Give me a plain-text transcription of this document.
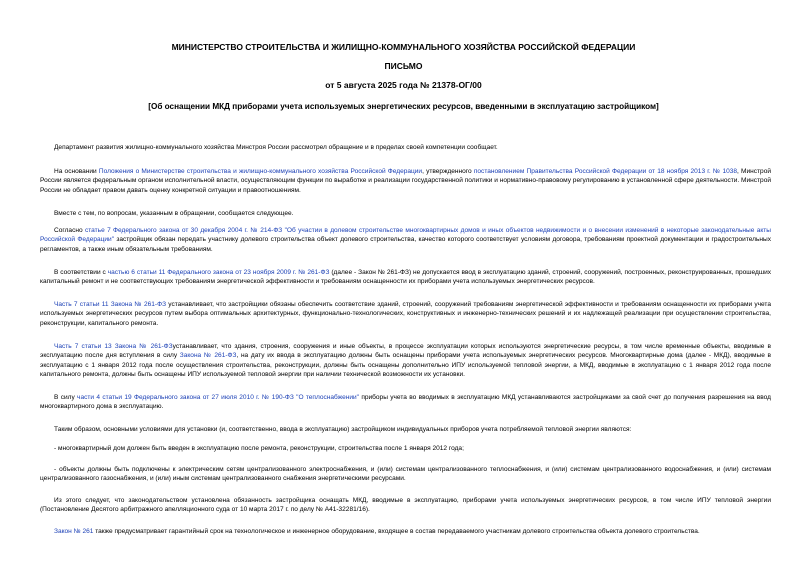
МИНИСТЕРСТВО СТРОИТЕЛЬСТВА И ЖИЛИЩНО-КОММУНАЛЬНОГО ХОЗЯЙСТВА РОССИЙСКОЙ ФЕДЕРАЦИИ
ПИСЬМО
от 5 августа 2025 года № 21378-ОГ/00
[Об оснащении МКД приборами учета используемых энергетических ресурсов, введенными в эксплуатацию застройщиком]
Департамент развития жилищно-коммунального хозяйства Минстроя России рассмотрел обращение и в пределах своей компетенции сообщает.
На основании Положения о Министерстве строительства и жилищно-коммунального хозяйства Российской Федерации, утвержденного постановлением Правительства Российской Федерации от 18 ноября 2013 г. № 1038, Минстрой России является федеральным органом исполнительной власти, осуществляющим функции по выработке и реализации государственной политики и нормативно-правовому регулированию в установленной сфере деятельности. Минстрой России не обладает правом давать оценку конкретной ситуации и правоотношениям.
Вместе с тем, по вопросам, указанным в обращении, сообщается следующее.
Согласно статье 7 Федерального закона от 30 декабря 2004 г. № 214-ФЗ "Об участии в долевом строительстве многоквартирных домов и иных объектов недвижимости и о внесении изменений в некоторые законодательные акты Российской Федерации" застройщик обязан передать участнику долевого строительства объект долевого строительства, качество которого соответствует условиям договора, требованиям проектной документации и градостроительных регламентов, а также иным обязательным требованиям.
В соответствии с частью 6 статьи 11 Федерального закона от 23 ноября 2009 г. № 261-ФЗ (далее - Закон № 261-ФЗ) не допускается ввод в эксплуатацию зданий, строений, сооружений, построенных, реконструированных, прошедших капитальный ремонт и не соответствующих требованиям энергетической эффективности и требованиям оснащенности их приборами учета используемых энергетических ресурсов.
Часть 7 статьи 11 Закона № 261-ФЗ устанавливает, что застройщики обязаны обеспечить соответствие зданий, строений, сооружений требованиям энергетической эффективности и требованиям оснащенности их приборами учета используемых энергетических ресурсов путем выбора оптимальных архитектурных, функционально-технологических, конструктивных и инженерно-технических решений и их надлежащей реализации при осуществлении строительства, реконструкции, капитального ремонта.
Часть 7 статьи 13 Закона № 261-ФЗустанавливает, что здания, строения, сооружения и иные объекты, в процессе эксплуатации которых используются энергетические ресурсы, в том числе временные объекты, вводимые в эксплуатацию после дня вступления в силу Закона № 261-ФЗ, на дату их ввода в эксплуатацию должны быть оснащены приборами учета используемых энергетических ресурсов. Многоквартирные дома (далее - МКД), вводимые в эксплуатацию с 1 января 2012 года после осуществления строительства, реконструкции, должны быть оснащены дополнительно ИПУ используемой тепловой энергии, а МКД, вводимые в эксплуатацию с 1 января 2012 года после капитального ремонта, должны быть оснащены ИПУ используемой тепловой энергии при наличии технической возможности их установки.
В силу части 4 статьи 19 Федерального закона от 27 июля 2010 г. № 190-ФЗ "О теплоснабжении" приборы учета во вводимых в эксплуатацию МКД устанавливаются застройщиками за свой счет до получения разрешения на ввод многоквартирного дома в эксплуатацию.
Таким образом, основными условиями для установки (и, соответственно, ввода в эксплуатацию) застройщиком индивидуальных приборов учета потребляемой тепловой энергии являются:
- многоквартирный дом должен быть введен в эксплуатацию после ремонта, реконструкции, строительства после 1 января 2012 года;
- объекты должны быть подключены к электрическим сетям централизованного электроснабжения, и (или) системам централизованного теплоснабжения, и (или) системам централизованного водоснабжения, и (или) системам централизованного газоснабжения, и (или) иным системам централизованного снабжения энергетическими ресурсами.
Из этого следует, что законодательством установлена обязанность застройщика оснащать МКД, вводимые в эксплуатацию, приборами учета используемых энергетических ресурсов, в том числе ИПУ тепловой энергии (Постановление Десятого арбитражного апелляционного суда от 10 марта 2017 г. по делу № А41-32281/16).
Закон № 261 также предусматривает гарантийный срок на технологическое и инженерное оборудование, входящее в состав передаваемого участникам долевого строительства объекта долевого строительства.
